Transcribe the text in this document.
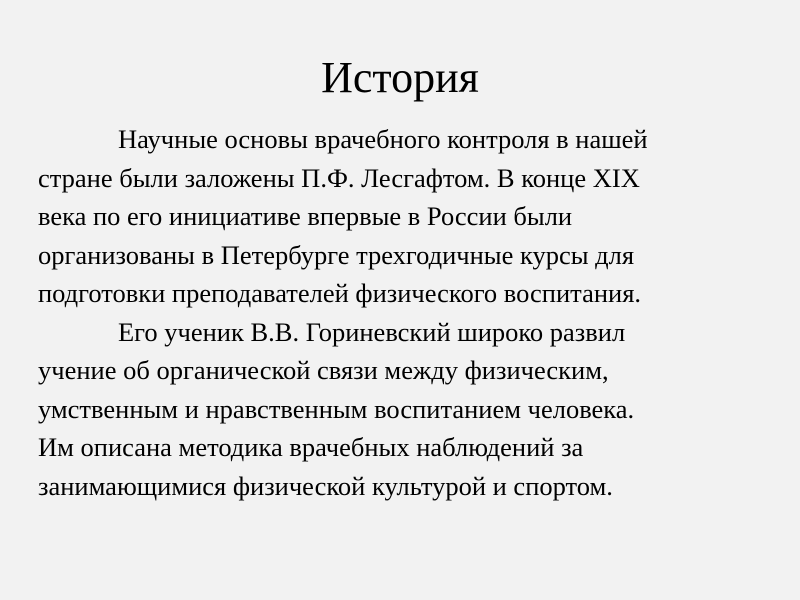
История
Научные основы врачебного контроля в нашей
стране были заложены П.Ф. Лесгафтом. В конце XIX
века по его инициативе впервые в России были
организованы в Петербурге трехгодичные курсы для
подготовки преподавателей физического воспитания.
Его ученик В.В. Гориневский широко развил
учение об органической связи между физическим,
умственным и нравственным воспитанием человека.
Им описана методика врачебных наблюдений за
занимающимися физической культурой и спортом.
